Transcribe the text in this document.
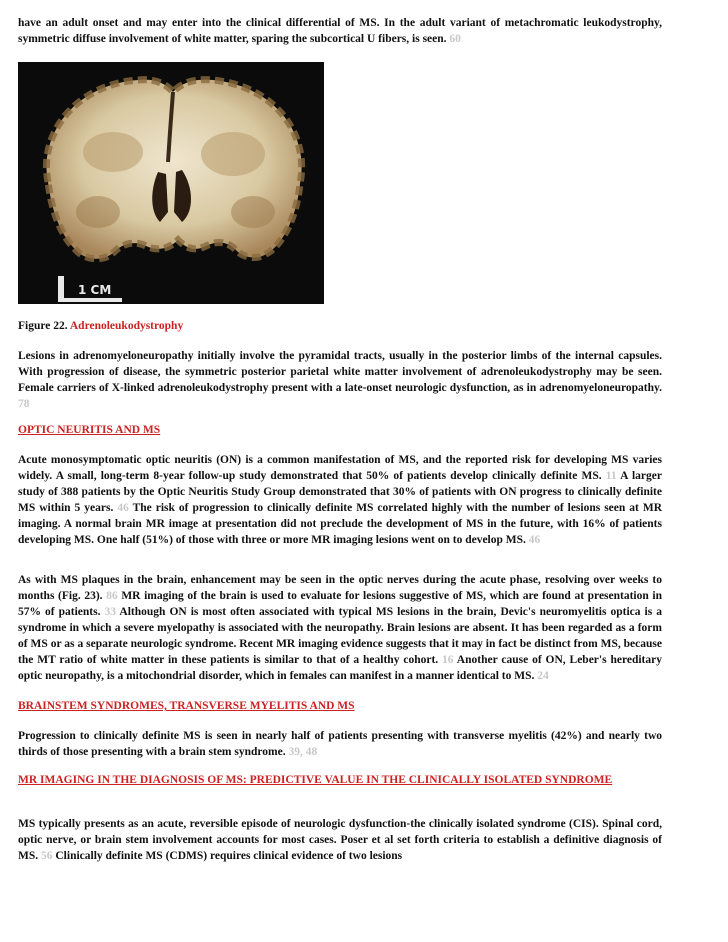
have an adult onset and may enter into the clinical differential of MS. In the adult variant of metachromatic leukodystrophy, symmetric diffuse involvement of white matter, sparing the subcortical U fibers, is seen. 60

1 CM

Figure 22. Adrenoleukodystrophy

Lesions in adrenomyeloneuropathy initially involve the pyramidal tracts, usually in the posterior limbs of the internal capsules. With progression of disease, the symmetric posterior parietal white matter involvement of adrenoleukodystrophy may be seen. Female carriers of X-linked adrenoleukodystrophy present with a late-onset neurologic dysfunction, as in adrenomyeloneuropathy. 78

OPTIC NEURITIS AND MS

Acute monosymptomatic optic neuritis (ON) is a common manifestation of MS, and the reported risk for developing MS varies widely. A small, long-term 8-year follow-up study demonstrated that 50% of patients develop clinically definite MS. 11 A larger study of 388 patients by the Optic Neuritis Study Group demonstrated that 30% of patients with ON progress to clinically definite MS within 5 years. 46 The risk of progression to clinically definite MS correlated highly with the number of lesions seen at MR imaging. A normal brain MR image at presentation did not preclude the development of MS in the future, with 16% of patients developing MS. One half (51%) of those with three or more MR imaging lesions went on to develop MS. 46

As with MS plaques in the brain, enhancement may be seen in the optic nerves during the acute phase, resolving over weeks to months (Fig. 23). 86 MR imaging of the brain is used to evaluate for lesions suggestive of MS, which are found at presentation in 57% of patients. 33 Although ON is most often associated with typical MS lesions in the brain, Devic's neuromyelitis optica is a syndrome in which a severe myelopathy is associated with the neuropathy. Brain lesions are absent. It has been regarded as a form of MS or as a separate neurologic syndrome. Recent MR imaging evidence suggests that it may in fact be distinct from MS, because the MT ratio of white matter in these patients is similar to that of a healthy cohort. 16 Another cause of ON, Leber's hereditary optic neuropathy, is a mitochondrial disorder, which in females can manifest in a manner identical to MS. 24

BRAINSTEM SYNDROMES, TRANSVERSE MYELITIS AND MS

Progression to clinically definite MS is seen in nearly half of patients presenting with transverse myelitis (42%) and nearly two thirds of those presenting with a brain stem syndrome. 39, 48

MR IMAGING IN THE DIAGNOSIS OF MS: PREDICTIVE VALUE IN THE CLINICALLY ISOLATED SYNDROME

MS typically presents as an acute, reversible episode of neurologic dysfunction-the clinically isolated syndrome (CIS). Spinal cord, optic nerve, or brain stem involvement accounts for most cases. Poser et al set forth criteria to establish a definitive diagnosis of MS. 56 Clinically definite MS (CDMS) requires clinical evidence of two lesions
